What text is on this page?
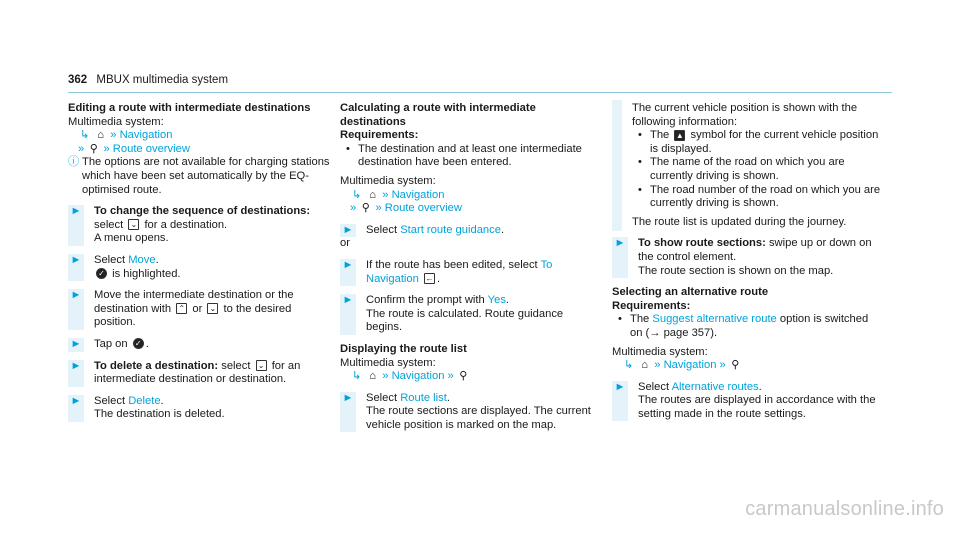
362 MBUX multimedia system

Editing a route with intermediate destinations

Multimedia system:

↳ ⌂ » Navigation

» ⚲ » Route overview

ⓘ The options are not available for charging stations which have been set automatically by the EQ-optimised route.

► To change the sequence of destinations: select ⌄ for a destination.
A menu opens.
► Select Move.
✓ is highlighted.
► Move the intermediate destination or the destination with ⌃ or ⌄ to the desired position.
► Tap on ✓ .
► To delete a destination: select ⌄ for an intermediate destination or destination.
► Select Delete.
The destination is deleted.

Calculating a route with intermediate destinations

Requirements:

• The destination and at least one intermediate destination have been entered.

Multimedia system:

↳ ⌂ » Navigation

» ⚲ » Route overview

► Select Start route guidance.

or

► If the route has been edited, select To Navigation ← .
► Confirm the prompt with Yes.
The route is calculated. Route guidance begins.

Displaying the route list

Multimedia system:

↳ ⌂ » Navigation » ⚲

► Select Route list.
The route sections are displayed. The current vehicle position is marked on the map.

The current vehicle position is shown with the following information:

• The ▲ symbol for the current vehicle position is displayed.

• The name of the road on which you are currently driving is shown.

• The road number of the road on which you are currently driving is shown.

The route list is updated during the journey.

► To show route sections: swipe up or down on the control element.
The route section is shown on the map.

Selecting an alternative route

Requirements:

• The Suggest alternative route option is switched on (→ page 357).

Multimedia system:

↳ ⌂ » Navigation » ⚲

► Select Alternative routes.
The routes are displayed in accordance with the setting made in the route settings.
carmanualsonline.info
